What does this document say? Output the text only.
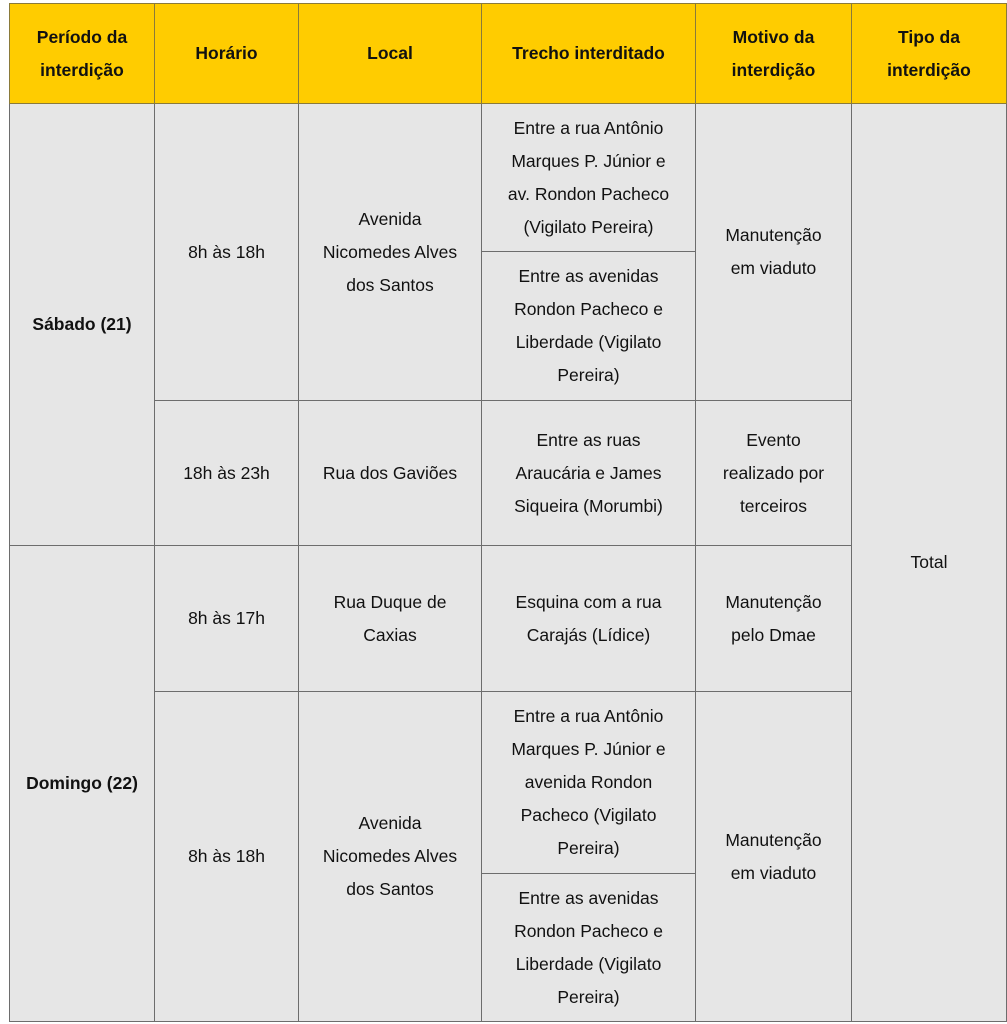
Período da
interdição	Horário	Local	Trecho interditado	Motivo da
interdição	Tipo da
interdição
Sábado (21)	8h às 18h	Avenida
Nicomedes Alves
dos Santos	Entre a rua Antônio
Marques P. Júnior e
av. Rondon Pacheco
(Vigilato Pereira)	Manutenção
em viaduto	Total
			Entre as avenidas
Rondon Pacheco e
Liberdade (Vigilato
Pereira)		
	18h às 23h	Rua dos Gaviões	Entre as ruas
Araucária e James
Siqueira (Morumbi)	Evento
realizado por
terceiros	
Domingo (22)	8h às 17h	Rua Duque de
Caxias	Esquina com a rua
Carajás (Lídice)	Manutenção
pelo Dmae	
	8h às 18h	Avenida
Nicomedes Alves
dos Santos	Entre a rua Antônio
Marques P. Júnior e
avenida Rondon
Pacheco (Vigilato
Pereira)	Manutenção
em viaduto	
			Entre as avenidas
Rondon Pacheco e
Liberdade (Vigilato
Pereira)		
